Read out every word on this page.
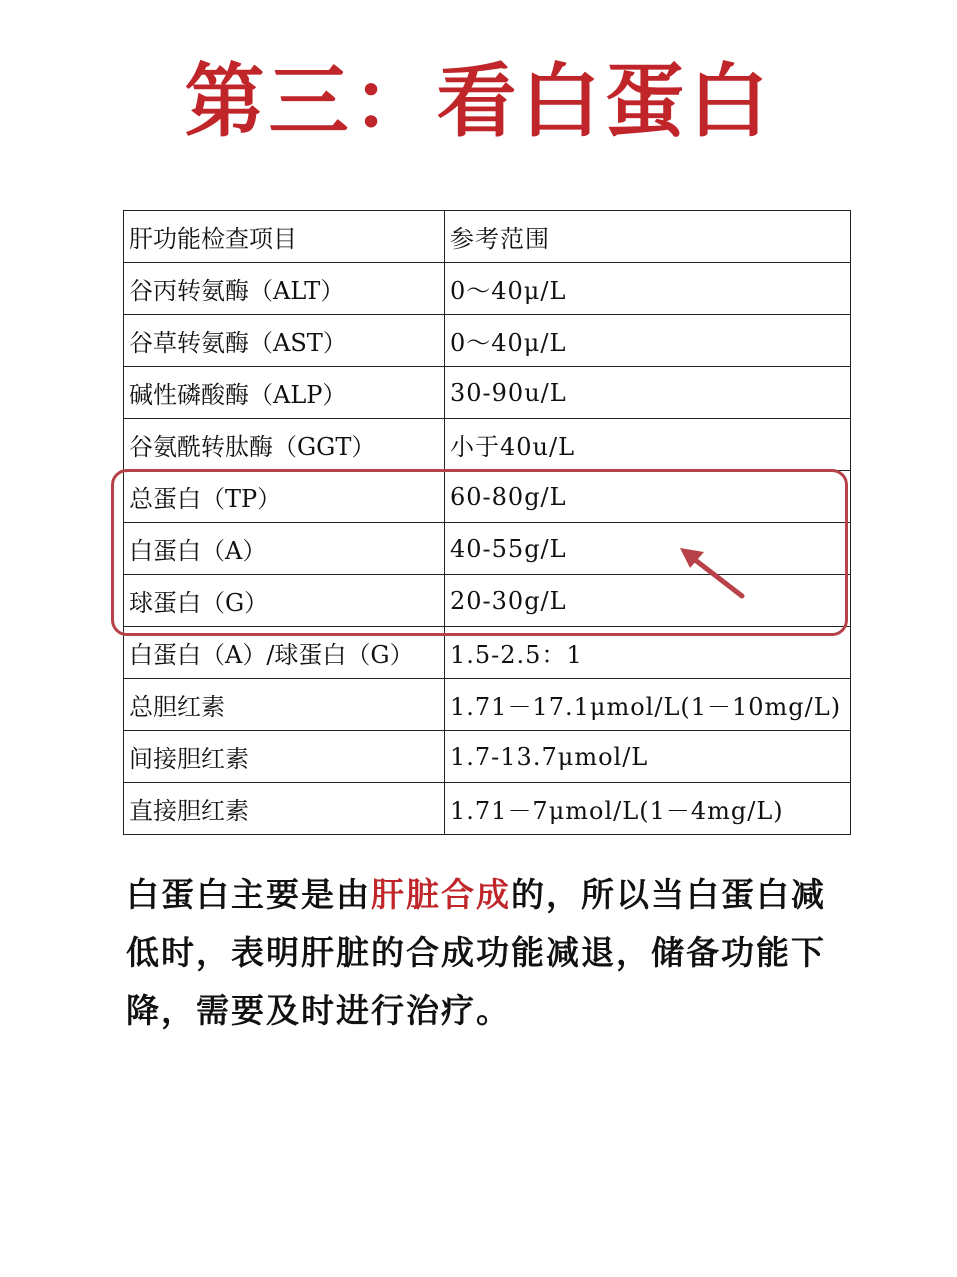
第三：看白蛋白
肝功能检查项目	参考范围
谷丙转氨酶（ALT）	0～40μ/L
谷草转氨酶（AST）	0～40μ/L
碱性磷酸酶（ALP）	30-90u/L
谷氨酰转肽酶（GGT）	小于40u/L
总蛋白（TP）	60-80g/L
白蛋白（A）	40-55g/L
球蛋白（G）	20-30g/L
白蛋白（A）/球蛋白（G）	1.5-2.5：1
总胆红素	1.71－17.1μmol/L(1－10mg/L)
间接胆红素	1.7-13.7μmol/L
直接胆红素	1.71－7μmol/L(1－4mg/L)
白蛋白主要是由肝脏合成的，所以当白蛋白减低时，表明肝脏的合成功能减退，储备功能下降，需要及时进行治疗。
